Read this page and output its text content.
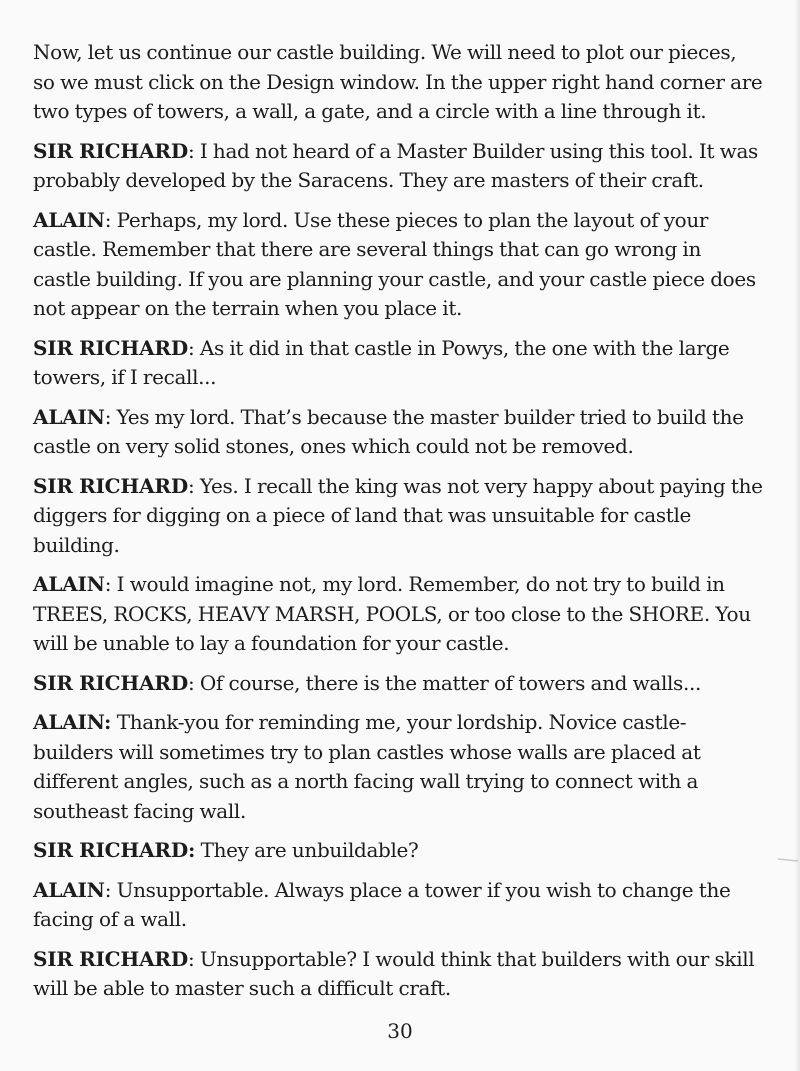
Now, let us continue our castle building. We will need to plot our pieces, so we must click on the Design window. In the upper right hand corner are two types of towers, a wall, a gate, and a circle with a line through it.

SIR RICHARD: I had not heard of a Master Builder using this tool. It was probably developed by the Saracens. They are masters of their craft.

ALAIN: Perhaps, my lord. Use these pieces to plan the layout of your castle. Remember that there are several things that can go wrong in castle building. If you are planning your castle, and your castle piece does not appear on the terrain when you place it.

SIR RICHARD: As it did in that castle in Powys, the one with the large towers, if I recall...

ALAIN: Yes my lord. That’s because the master builder tried to build the castle on very solid stones, ones which could not be removed.

SIR RICHARD: Yes. I recall the king was not very happy about paying the diggers for digging on a piece of land that was unsuitable for castle building.

ALAIN: I would imagine not, my lord. Remember, do not try to build in TREES, ROCKS, HEAVY MARSH, POOLS, or too close to the SHORE. You will be unable to lay a foundation for your castle.

SIR RICHARD: Of course, there is the matter of towers and walls...

ALAIN: Thank-you for reminding me, your lordship. Novice castle-builders will sometimes try to plan castles whose walls are placed at different angles, such as a north facing wall trying to connect with a southeast facing wall.

SIR RICHARD: They are unbuildable?

ALAIN: Unsupportable. Always place a tower if you wish to change the facing of a wall.

SIR RICHARD: Unsupportable? I would think that builders with our skill will be able to master such a difficult craft.

30
